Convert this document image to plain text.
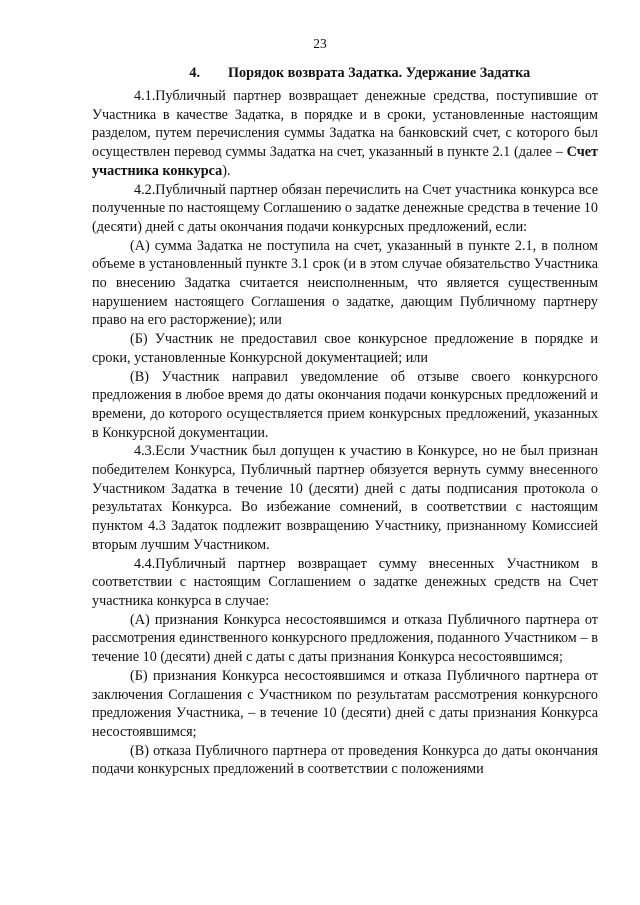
23
4. Порядок возврата Задатка. Удержание Задатка

4.1.Публичный партнер возвращает денежные средства, поступившие от Участника в качестве Задатка, в порядке и в сроки, установленные настоящим разделом, путем перечисления суммы Задатка на банковский счет, с которого был осуществлен перевод суммы Задатка на счет, указанный в пункте 2.1 (далее – Счет участника конкурса).

4.2.Публичный партнер обязан перечислить на Счет участника конкурса все полученные по настоящему Соглашению о задатке денежные средства в течение 10 (десяти) дней с даты окончания подачи конкурсных предложений, если:

(А) сумма Задатка не поступила на счет, указанный в пункте 2.1, в полном объеме в установленный пункте 3.1 срок (и в этом случае обязательство Участника по внесению Задатка считается неисполненным, что является существенным нарушением настоящего Соглашения о задатке, дающим Публичному партнеру право на его расторжение); или

(Б) Участник не предоставил свое конкурсное предложение в порядке и сроки, установленные Конкурсной документацией; или

(В) Участник направил уведомление об отзыве своего конкурсного предложения в любое время до даты окончания подачи конкурсных предложений и времени, до которого осуществляется прием конкурсных предложений, указанных в Конкурсной документации.

4.3.Если Участник был допущен к участию в Конкурсе, но не был признан победителем Конкурса, Публичный партнер обязуется вернуть сумму внесенного Участником Задатка в течение 10 (десяти) дней с даты подписания протокола о результатах Конкурса. Во избежание сомнений, в соответствии с настоящим пунктом 4.3 Задаток подлежит возвращению Участнику, признанному Комиссией вторым лучшим Участником.

4.4.Публичный партнер возвращает сумму внесенных Участником в соответствии с настоящим Соглашением о задатке денежных средств на Счет участника конкурса в случае:

(А) признания Конкурса несостоявшимся и отказа Публичного партнера от рассмотрения единственного конкурсного предложения, поданного Участником – в течение 10 (десяти) дней с даты с даты признания Конкурса несостоявшимся;

(Б) признания Конкурса несостоявшимся и отказа Публичного партнера от заключения Соглашения с Участником по результатам рассмотрения конкурсного предложения Участника, – в течение 10 (десяти) дней с даты признания Конкурса несостоявшимся;

(В) отказа Публичного партнера от проведения Конкурса до даты окончания подачи конкурсных предложений в соответствии с положениями
